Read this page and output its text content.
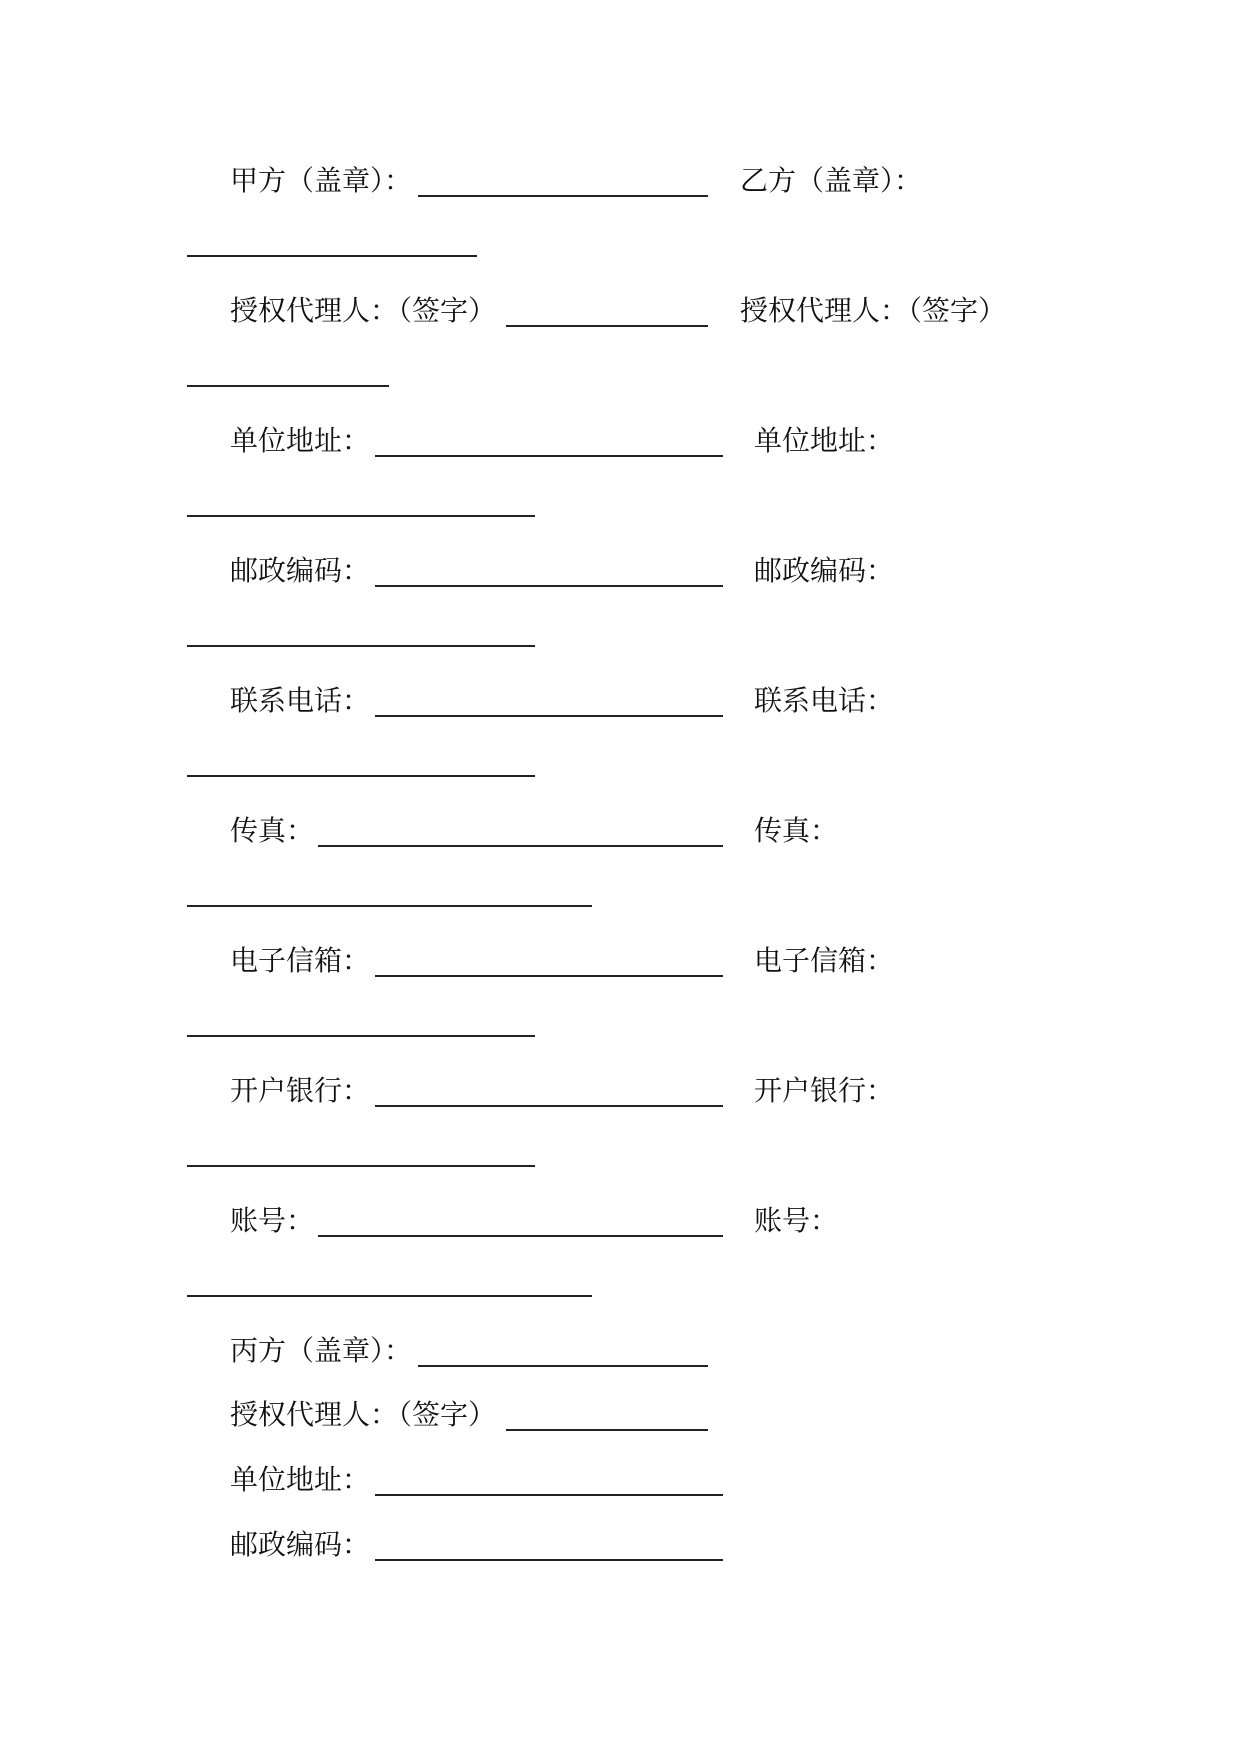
甲方（盖章）：	乙方（盖章）：
授权代理人：（签字）	授权代理人：（签字）
单位地址：	单位地址：
邮政编码：	邮政编码：
联系电话：	联系电话：
传真：	传真：
电子信箱：	电子信箱：
开户银行：	开户银行：
账号：	账号：
丙方（盖章）：
授权代理人：（签字）
单位地址：
邮政编码：
